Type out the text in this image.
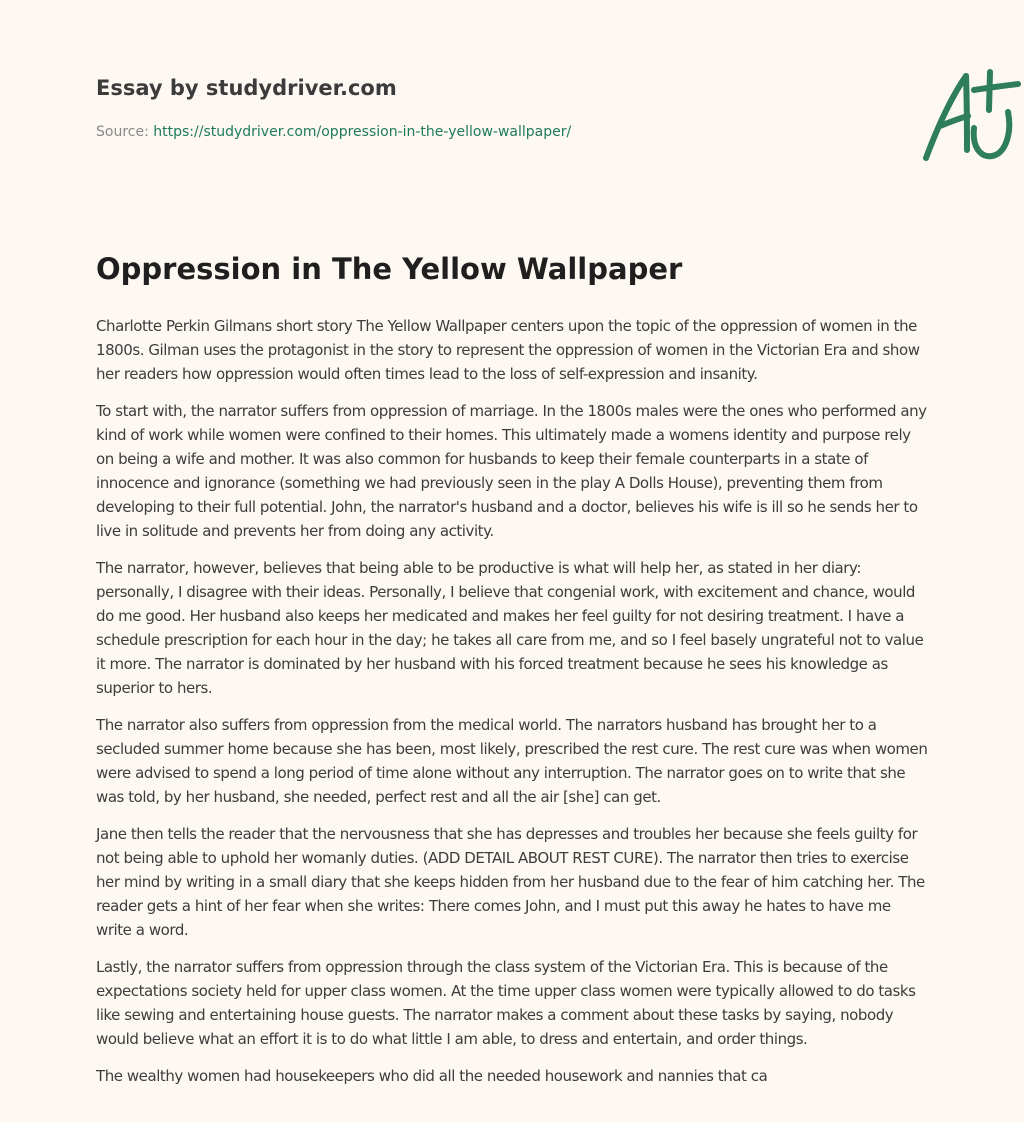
Essay by studydriver.com
Source: https://studydriver.com/oppression-in-the-yellow-wallpaper/
Oppression in The Yellow Wallpaper

Charlotte Perkin Gilmans short story The Yellow Wallpaper centers upon the topic of the oppression of women in the 1800s. Gilman uses the protagonist in the story to represent the oppression of women in the Victorian Era and show her readers how oppression would often times lead to the loss of self-expression and insanity.

To start with, the narrator suffers from oppression of marriage. In the 1800s males were the ones who performed any kind of work while women were confined to their homes. This ultimately made a womens identity and purpose rely on being a wife and mother. It was also common for husbands to keep their female counterparts in a state of innocence and ignorance (something we had previously seen in the play A Dolls House), preventing them from developing to their full potential. John, the narrator's husband and a doctor, believes his wife is ill so he sends her to live in solitude and prevents her from doing any activity.

The narrator, however, believes that being able to be productive is what will help her, as stated in her diary: personally, I disagree with their ideas. Personally, I believe that congenial work, with excitement and chance, would do me good. Her husband also keeps her medicated and makes her feel guilty for not desiring treatment. I have a schedule prescription for each hour in the day; he takes all care from me, and so I feel basely ungrateful not to value it more. The narrator is dominated by her husband with his forced treatment because he sees his knowledge as superior to hers.

The narrator also suffers from oppression from the medical world. The narrators husband has brought her to a secluded summer home because she has been, most likely, prescribed the rest cure. The rest cure was when women were advised to spend a long period of time alone without any interruption. The narrator goes on to write that she was told, by her husband, she needed, perfect rest and all the air [she] can get.

Jane then tells the reader that the nervousness that she has depresses and troubles her because she feels guilty for not being able to uphold her womanly duties. (ADD DETAIL ABOUT REST CURE). The narrator then tries to exercise her mind by writing in a small diary that she keeps hidden from her husband due to the fear of him catching her. The reader gets a hint of her fear when she writes: There comes John, and I must put this away he hates to have me write a word.

Lastly, the narrator suffers from oppression through the class system of the Victorian Era. This is because of the expectations society held for upper class women. At the time upper class women were typically allowed to do tasks like sewing and entertaining house guests. The narrator makes a comment about these tasks by saying, nobody would believe what an effort it is to do what little I am able, to dress and entertain, and order things.

The wealthy women had housekeepers who did all the needed housework and nannies that ca
